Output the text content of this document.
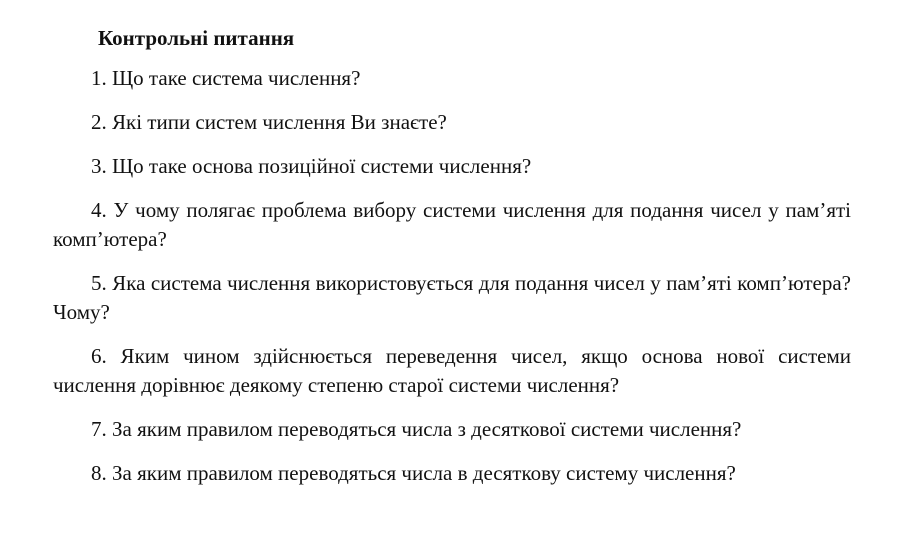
Контрольні питання
1. Що таке система числення?
2. Які типи систем числення Ви знаєте?
3. Що таке основа позиційної системи числення?
4. У чому полягає проблема вибору системи числення для подання чисел у пам’яті комп’ютера?
5. Яка система числення використовується для подання чисел у пам’яті комп’ютера? Чому?
6. Яким чином здійснюється переведення чисел, якщо основа нової системи числення дорівнює деякому степеню старої системи числення?
7. За яким правилом переводяться числа з десяткової системи числення?
8. За яким правилом переводяться числа в десяткову систему числення?
